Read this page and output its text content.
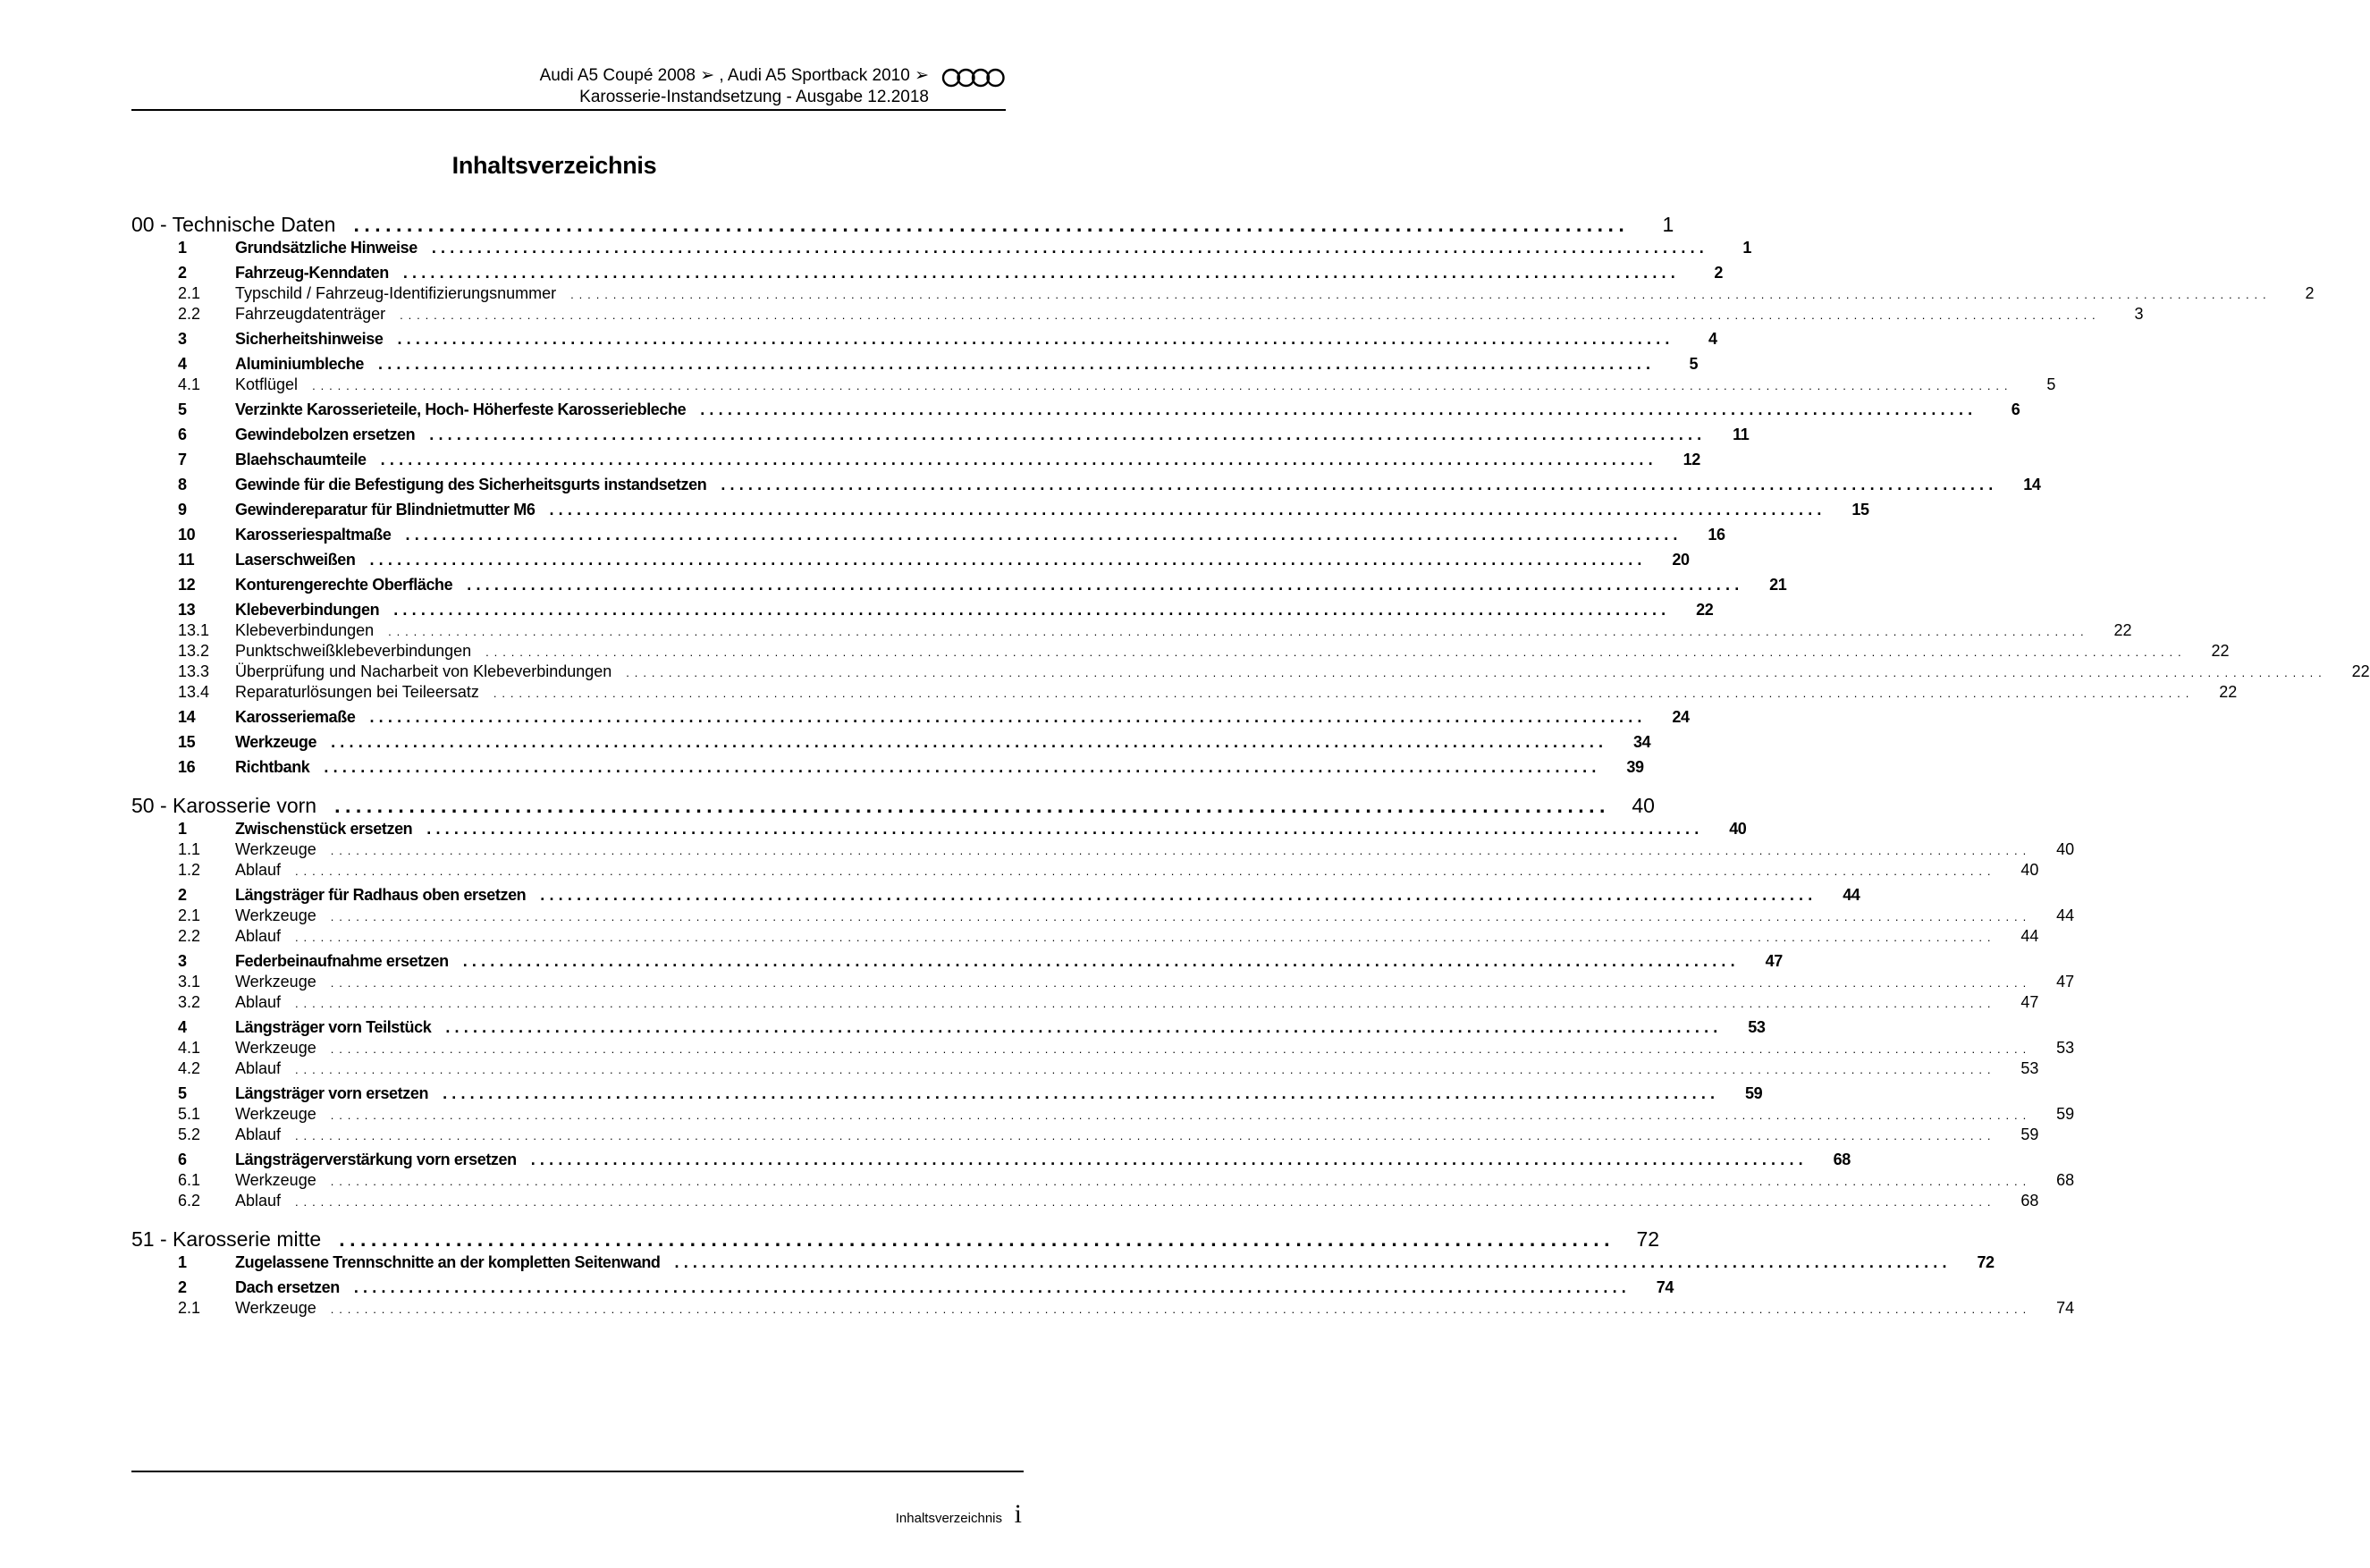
Audi A5 Coupé 2008 ➢ , Audi A5 Sportback 2010 ➢
Karosserie-Instandsetzung - Ausgabe 12.2018
Inhaltsverzeichnis
00 - Technische Daten ........................................................................................................................	1
1	Grundsätzliche Hinweise ............................................................................................................................................	1
2	Fahrzeug-Kenndaten ............................................................................................................................................	2
2.1	Typschild / Fahrzeug-Identifizierungsnummer ........................................................................................................................................................................................................	2
2.2	Fahrzeugdatenträger ........................................................................................................................................................................................................	3
3	Sicherheitshinweise ............................................................................................................................................	4
4	Aluminiumbleche ............................................................................................................................................	5
4.1	Kotflügel ........................................................................................................................................................................................................	5
5	Verzinkte Karosserieteile, Hoch- Höherfeste Karosseriebleche ............................................................................................................................................	6
6	Gewindebolzen ersetzen ............................................................................................................................................	11
7	Blaehschaumteile ............................................................................................................................................	12
8	Gewinde für die Befestigung des Sicherheitsgurts instandsetzen ............................................................................................................................................	14
9	Gewindereparatur für Blindnietmutter M6 ............................................................................................................................................	15
10	Karosseriespaltmaße ............................................................................................................................................	16
11	Laserschweißen ............................................................................................................................................	20
12	Konturengerechte Oberfläche ............................................................................................................................................	21
13	Klebeverbindungen ............................................................................................................................................	22
13.1	Klebeverbindungen ........................................................................................................................................................................................................	22
13.2	Punktschweißklebeverbindungen ........................................................................................................................................................................................................	22
13.3	Überprüfung und Nacharbeit von Klebeverbindungen ........................................................................................................................................................................................................	22
13.4	Reparaturlösungen bei Teileersatz ........................................................................................................................................................................................................	22
14	Karosseriemaße ............................................................................................................................................	24
15	Werkzeuge ............................................................................................................................................	34
16	Richtbank ............................................................................................................................................	39
50 - Karosserie vorn ........................................................................................................................	40
1	Zwischenstück ersetzen ............................................................................................................................................	40
1.1	Werkzeuge ........................................................................................................................................................................................................	40
1.2	Ablauf ........................................................................................................................................................................................................	40
2	Längsträger für Radhaus oben ersetzen ............................................................................................................................................	44
2.1	Werkzeuge ........................................................................................................................................................................................................	44
2.2	Ablauf ........................................................................................................................................................................................................	44
3	Federbeinaufnahme ersetzen ............................................................................................................................................	47
3.1	Werkzeuge ........................................................................................................................................................................................................	47
3.2	Ablauf ........................................................................................................................................................................................................	47
4	Längsträger vorn Teilstück ............................................................................................................................................	53
4.1	Werkzeuge ........................................................................................................................................................................................................	53
4.2	Ablauf ........................................................................................................................................................................................................	53
5	Längsträger vorn ersetzen ............................................................................................................................................	59
5.1	Werkzeuge ........................................................................................................................................................................................................	59
5.2	Ablauf ........................................................................................................................................................................................................	59
6	Längsträgerverstärkung vorn ersetzen ............................................................................................................................................	68
6.1	Werkzeuge ........................................................................................................................................................................................................	68
6.2	Ablauf ........................................................................................................................................................................................................	68
51 - Karosserie mitte ........................................................................................................................	72
1	Zugelassene Trennschnitte an der kompletten Seitenwand ............................................................................................................................................	72
2	Dach ersetzen ............................................................................................................................................	74
2.1	Werkzeuge ........................................................................................................................................................................................................	74
Inhaltsverzeichnis i
